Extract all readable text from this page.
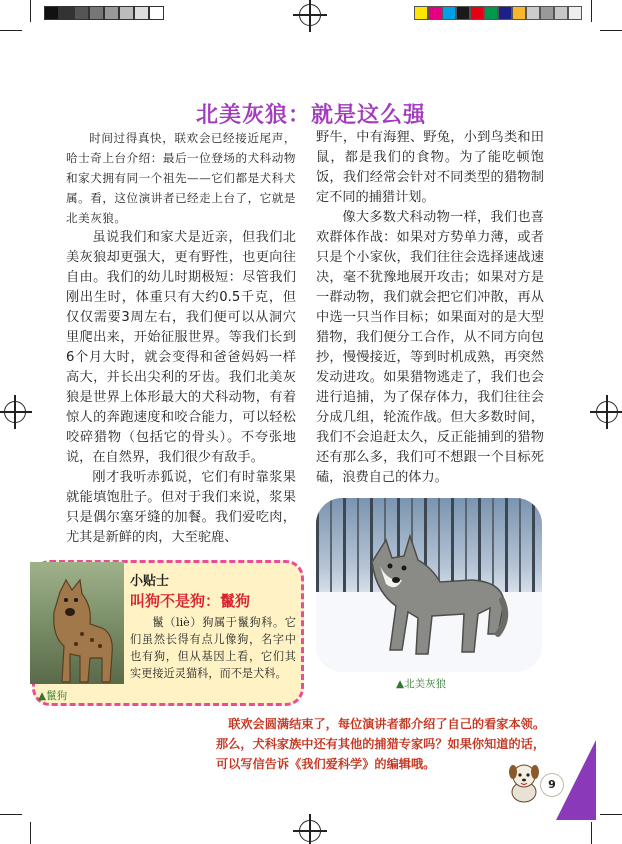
北美灰狼：就是这么强

时间过得真快，联欢会已经接近尾声，哈士奇上台介绍：最后一位登场的犬科动物和家犬拥有同一个祖先——它们都是犬科犬属。看，这位演讲者已经走上台了，它就是北美灰狼。

虽说我们和家犬是近亲，但我们北美灰狼却更强大，更有野性，也更向往自由。我们的幼儿时期极短：尽管我们刚出生时，体重只有大约0.5千克，但仅仅需要3周左右，我们便可以从洞穴里爬出来，开始征服世界。等我们长到6个月大时，就会变得和爸爸妈妈一样高大，并长出尖利的牙齿。我们北美灰狼是世界上体形最大的犬科动物，有着惊人的奔跑速度和咬合能力，可以轻松咬碎猎物（包括它的骨头）。不夸张地说，在自然界，我们很少有敌手。

刚才我听赤狐说，它们有时靠浆果就能填饱肚子。但对于我们来说，浆果只是偶尔塞牙缝的加餐。我们爱吃肉，尤其是新鲜的肉，大至驼鹿、

野牛，中有海狸、野兔，小到鸟类和田鼠，都是我们的食物。为了能吃顿饱饭，我们经常会针对不同类型的猎物制定不同的捕猎计划。

像大多数犬科动物一样，我们也喜欢群体作战：如果对方势单力薄，或者只是个小家伙，我们往往会选择速战速决，毫不犹豫地展开攻击；如果对方是一群动物，我们就会把它们冲散，再从中选一只当作目标；如果面对的是大型猎物，我们便分工合作，从不同方向包抄，慢慢接近，等到时机成熟，再突然发动进攻。如果猎物逃走了，我们也会进行追捕，为了保存体力，我们往往会分成几组，轮流作战。但大多数时间，我们不会追赶太久，反正能捕到的猎物还有那么多，我们可不想跟一个目标死磕，浪费自己的体力。

▲北美灰狼
▲鬣狗
小贴士
叫狗不是狗：鬣狗
鬣（liè）狗属于鬣狗科。它们虽然长得有点儿像狗，名字中也有狗，但从基因上看，它们其实更接近灵猫科，而不是犬科。
联欢会圆满结束了，每位演讲者都介绍了自己的看家本领。那么，犬科家族中还有其他的捕猎专家吗？如果你知道的话，可以写信告诉《我们爱科学》的编辑哦。
9
